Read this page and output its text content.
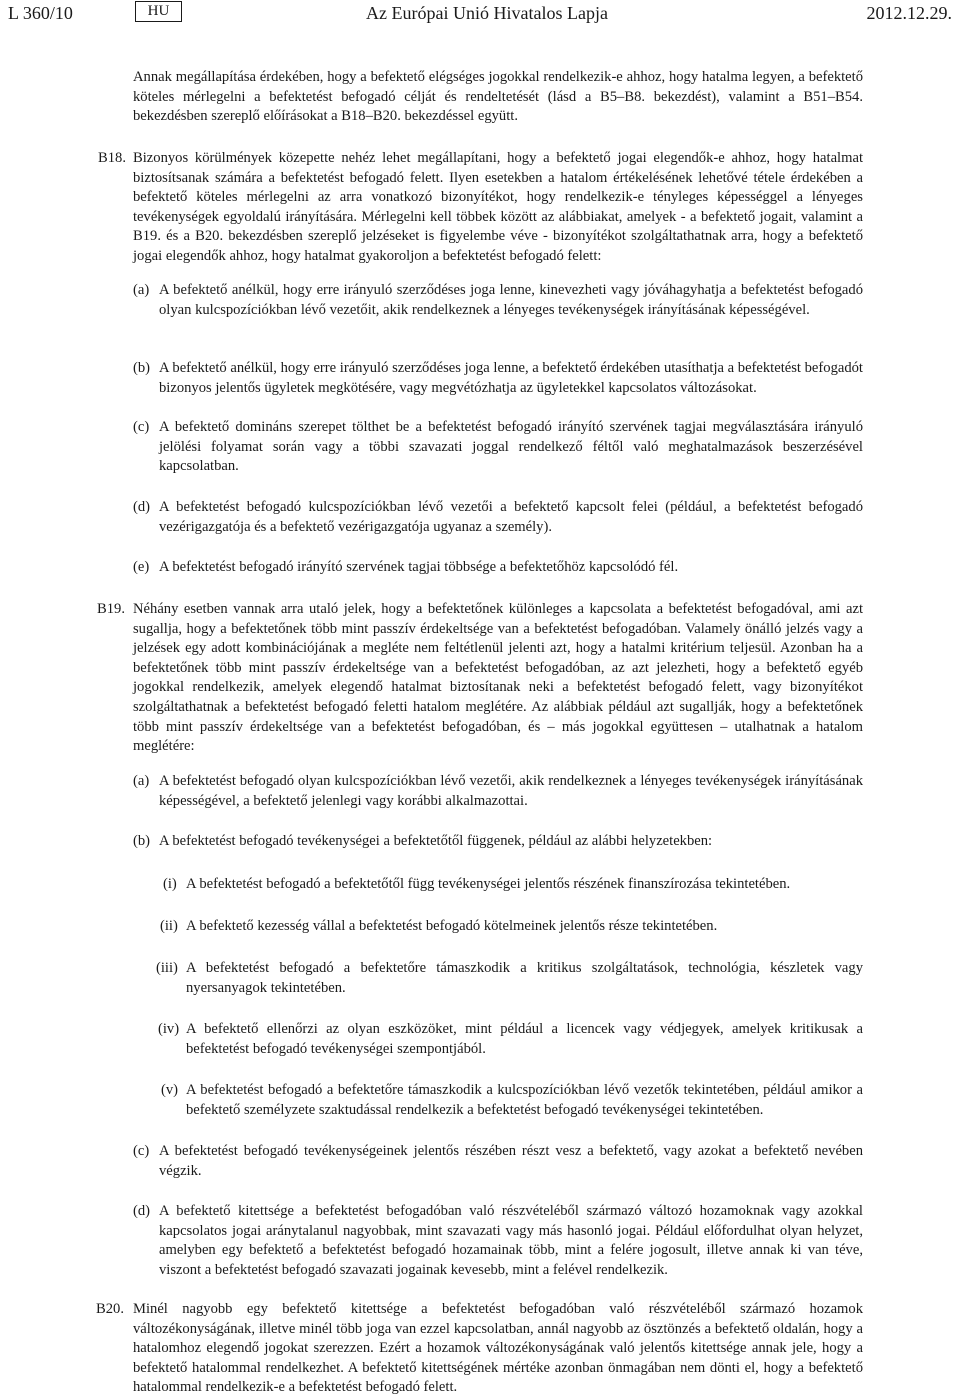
L 360/10	HU	Az Európai Unió Hivatalos Lapja	2012.12.29.
Annak megállapítása érdekében, hogy a befektető elégséges jogokkal rendelkezik-e ahhoz, hogy hatalma legyen, a befektető köteles mérlegelni a befektetést befogadó célját és rendeltetését (lásd a B5–B8. bekezdést), valamint a B51–B54. bekezdésben szereplő előírásokat a B18–B20. bekezdéssel együtt.
B18. Bizonyos körülmények közepette nehéz lehet megállapítani, hogy a befektető jogai elegendők-e ahhoz, hogy hatalmat biztosítsanak számára a befektetést befogadó felett. Ilyen esetekben a hatalom értékelésének lehetővé tétele érdekében a befektető köteles mérlegelni az arra vonatkozó bizonyítékot, hogy rendelkezik-e tényleges képességgel a lényeges tevékenységek egyoldalú irányítására. Mérlegelni kell többek között az alábbiakat, amelyek - a befektető jogait, valamint a B19. és a B20. bekezdésben szereplő jelzéseket is figyelembe véve - bizonyítékot szolgáltathatnak arra, hogy a befektető jogai elegendők ahhoz, hogy hatalmat gyakoroljon a befektetést befogadó felett:
(a) A befektető anélkül, hogy erre irányuló szerződéses joga lenne, kinevezheti vagy jóváhagyhatja a befektetést befogadó olyan kulcspozíciókban lévő vezetőit, akik rendelkeznek a lényeges tevékenységek irányításának képességével.
(b) A befektető anélkül, hogy erre irányuló szerződéses joga lenne, a befektető érdekében utasíthatja a befektetést befogadót bizonyos jelentős ügyletek megkötésére, vagy megvétózhatja az ügyletekkel kapcsolatos változásokat.
(c) A befektető domináns szerepet tölthet be a befektetést befogadó irányító szervének tagjai megválasztására irányuló jelölési folyamat során vagy a többi szavazati joggal rendelkező féltől való meghatalmazások beszerzésével kapcsolatban.
(d) A befektetést befogadó kulcspozíciókban lévő vezetői a befektető kapcsolt felei (például, a befektetést befogadó vezérigazgatója és a befektető vezérigazgatója ugyanaz a személy).
(e) A befektetést befogadó irányító szervének tagjai többsége a befektetőhöz kapcsolódó fél.
B19. Néhány esetben vannak arra utaló jelek, hogy a befektetőnek különleges a kapcsolata a befektetést befogadóval, ami azt sugallja, hogy a befektetőnek több mint passzív érdekeltsége van a befektetést befogadóban. Valamely önálló jelzés vagy a jelzések egy adott kombinációjának a megléte nem feltétlenül jelenti azt, hogy a hatalmi kritérium teljesül. Azonban ha a befektetőnek több mint passzív érdekeltsége van a befektetést befogadóban, az azt jelezheti, hogy a befektető egyéb jogokkal rendelkezik, amelyek elegendő hatalmat biztosítanak neki a befektetést befogadó felett, vagy bizonyítékot szolgáltathatnak a befektetést befogadó feletti hatalom meglétére. Az alábbiak például azt sugallják, hogy a befektetőnek több mint passzív érdekeltsége van a befektetést befogadóban, és – más jogokkal együttesen – utalhatnak a hatalom meglétére:
(a) A befektetést befogadó olyan kulcspozíciókban lévő vezetői, akik rendelkeznek a lényeges tevékenységek irányításának képességével, a befektető jelenlegi vagy korábbi alkalmazottai.
(b) A befektetést befogadó tevékenységei a befektetőtől függenek, például az alábbi helyzetekben:
(i) A befektetést befogadó a befektetőtől függ tevékenységei jelentős részének finanszírozása tekintetében.
(ii) A befektető kezesség vállal a befektetést befogadó kötelmeinek jelentős része tekintetében.
(iii) A befektetést befogadó a befektetőre támaszkodik a kritikus szolgáltatások, technológia, készletek vagy nyersanyagok tekintetében.
(iv) A befektető ellenőrzi az olyan eszközöket, mint például a licencek vagy védjegyek, amelyek kritikusak a befektetést befogadó tevékenységei szempontjából.
(v) A befektetést befogadó a befektetőre támaszkodik a kulcspozíciókban lévő vezetők tekintetében, például amikor a befektető személyzete szaktudással rendelkezik a befektetést befogadó tevékenységei tekintetében.
(c) A befektetést befogadó tevékenységeinek jelentős részében részt vesz a befektető, vagy azokat a befektető nevében végzik.
(d) A befektető kitettsége a befektetést befogadóban való részvételéből származó változó hozamoknak vagy azokkal kapcsolatos jogai aránytalanul nagyobbak, mint szavazati vagy más hasonló jogai. Például előfordulhat olyan helyzet, amelyben egy befektető a befektetést befogadó hozamainak több, mint a felére jogosult, illetve annak ki van téve, viszont a befektetést befogadó szavazati jogainak kevesebb, mint a felével rendelkezik.
B20. Minél nagyobb egy befektető kitettsége a befektetést befogadóban való részvételéből származó hozamok változékonyságának, illetve minél több joga van ezzel kapcsolatban, annál nagyobb az ösztönzés a befektető oldalán, hogy a hatalomhoz elegendő jogokat szerezzen. Ezért a hozamok változékonyságának való jelentős kitettsége annak jele, hogy a befektető hatalommal rendelkezhet. A befektető kitettségének mértéke azonban önmagában nem dönti el, hogy a befektető hatalommal rendelkezik-e a befektetést befogadó felett.
